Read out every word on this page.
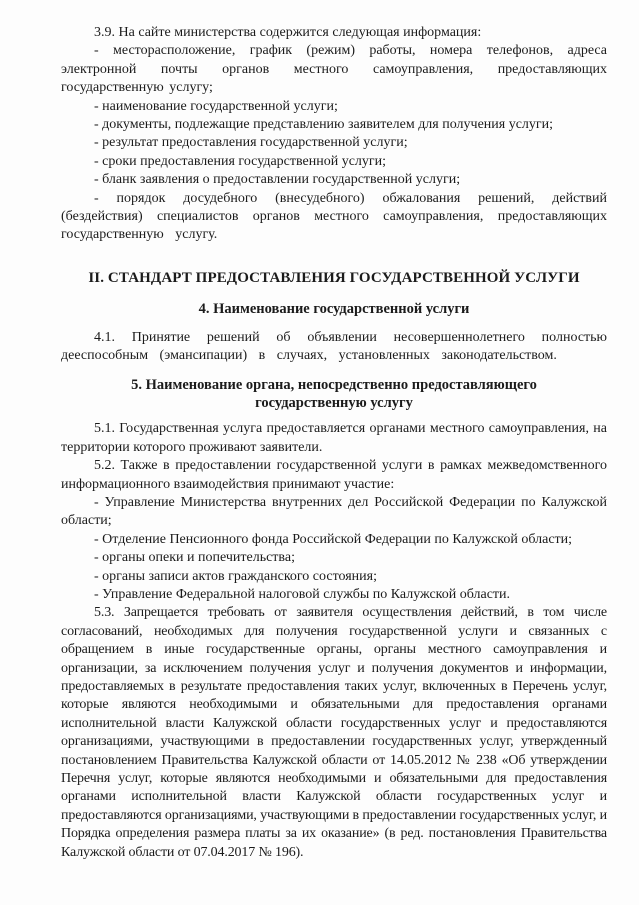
3.9. На сайте министерства содержится следующая информация:

- месторасположение, график (режим) работы, номера телефонов, адреса электронной почты органов местного самоуправления, предоставляющих государственную услугу;

- наименование государственной услуги;

- документы, подлежащие представлению заявителем для получения услуги;

- результат предоставления государственной услуги;

- сроки предоставления государственной услуги;

- бланк заявления о предоставлении государственной услуги;

- порядок досудебного (внесудебного) обжалования решений, действий (бездействия) специалистов органов местного самоуправления, предоставляющих государственную услугу.

II. СТАНДАРТ ПРЕДОСТАВЛЕНИЯ ГОСУДАРСТВЕННОЙ УСЛУГИ

4. Наименование государственной услуги

4.1. Принятие решений об объявлении несовершеннолетнего полностью дееспособным (эмансипации) в случаях, установленных законодательством.

5. Наименование органа, непосредственно предоставляющего

государственную услугу

5.1. Государственная услуга предоставляется органами местного самоуправления, на территории которого проживают заявители.

5.2. Также в предоставлении государственной услуги в рамках межведомственного информационного взаимодействия принимают участие:

- Управление Министерства внутренних дел Российской Федерации по Калужской области;

- Отделение Пенсионного фонда Российской Федерации по Калужской области;

- органы опеки и попечительства;

- органы записи актов гражданского состояния;

- Управление Федеральной налоговой службы по Калужской области.

5.3. Запрещается требовать от заявителя осуществления действий, в том числе согласований, необходимых для получения государственной услуги и связанных с обращением в иные государственные органы, органы местного самоуправления и организации, за исключением получения услуг и получения документов и информации, предоставляемых в результате предоставления таких услуг, включенных в Перечень услуг, которые являются необходимыми и обязательными для предоставления органами исполнительной власти Калужской области государственных услуг и предоставляются организациями, участвующими в предоставлении государственных услуг, утвержденный постановлением Правительства Калужской области от 14.05.2012 № 238 «Об утверждении Перечня услуг, которые являются необходимыми и обязательными для предоставления органами исполнительной власти Калужской области государственных услуг и предоставляются организациями, участвующими в предоставлении государственных услуг, и Порядка определения размера платы за их оказание» (в ред. постановления Правительства Калужской области от 07.04.2017 № 196).
